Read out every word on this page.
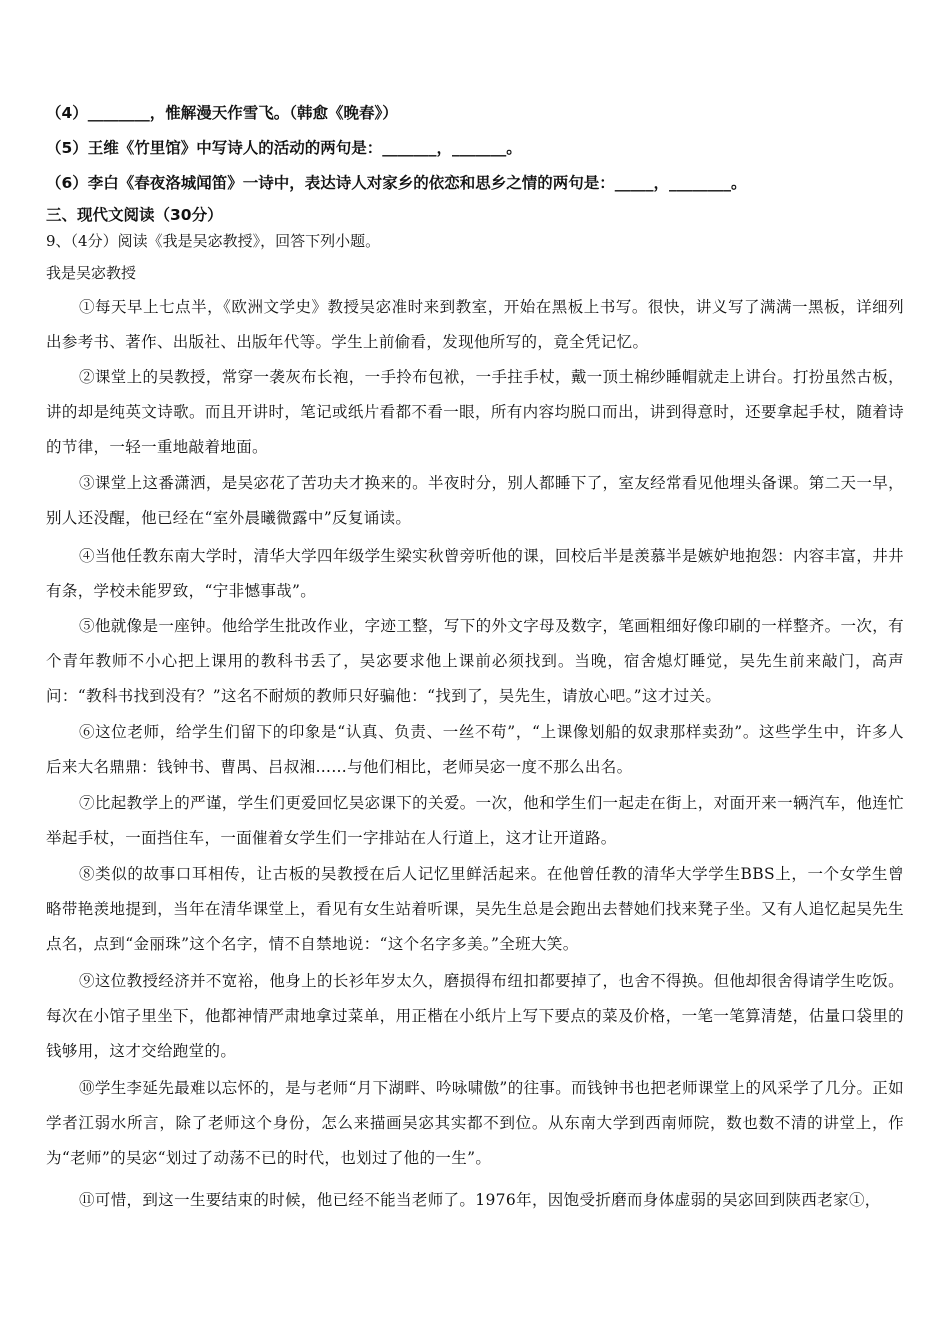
（4）________，惟解漫天作雪飞。（韩愈《晚春》）
（5）王维《竹里馆》中写诗人的活动的两句是：_______，_______。
（6）李白《春夜洛城闻笛》一诗中，表达诗人对家乡的依恋和思乡之情的两句是：_____，________。
三、现代文阅读（30分）
9、（4分）阅读《我是吴宓教授》，回答下列小题。
我是吴宓教授
①每天早上七点半，《欧洲文学史》教授吴宓准时来到教室，开始在黑板上书写。很快，讲义写了满满一黑板，详细列出参考书、著作、出版社、出版年代等。学生上前偷看，发现他所写的，竟全凭记忆。
②课堂上的吴教授，常穿一袭灰布长袍，一手拎布包袱，一手拄手杖，戴一顶土棉纱睡帽就走上讲台。打扮虽然古板，讲的却是纯英文诗歌。而且开讲时，笔记或纸片看都不看一眼，所有内容均脱口而出，讲到得意时，还要拿起手杖，随着诗的节律，一轻一重地敲着地面。
③课堂上这番潇洒，是吴宓花了苦功夫才换来的。半夜时分，别人都睡下了，室友经常看见他埋头备课。第二天一早，别人还没醒，他已经在“室外晨曦微露中”反复诵读。
④当他任教东南大学时，清华大学四年级学生梁实秋曾旁听他的课，回校后半是羡慕半是嫉妒地抱怨：内容丰富，井井有条，学校未能罗致，“宁非憾事哉”。
⑤他就像是一座钟。他给学生批改作业，字迹工整，写下的外文字母及数字，笔画粗细好像印刷的一样整齐。一次，有个青年教师不小心把上课用的教科书丢了，吴宓要求他上课前必须找到。当晚，宿舍熄灯睡觉，吴先生前来敲门，高声问：“教科书找到没有？”这名不耐烦的教师只好骗他：“找到了，吴先生，请放心吧。”这才过关。
⑥这位老师，给学生们留下的印象是“认真、负责、一丝不苟”，“上课像划船的奴隶那样卖劲”。这些学生中，许多人后来大名鼎鼎：钱钟书、曹禺、吕叔湘……与他们相比，老师吴宓一度不那么出名。
⑦比起教学上的严谨，学生们更爱回忆吴宓课下的关爱。一次，他和学生们一起走在街上，对面开来一辆汽车，他连忙举起手杖，一面挡住车，一面催着女学生们一字排站在人行道上，这才让开道路。
⑧类似的故事口耳相传，让古板的吴教授在后人记忆里鲜活起来。在他曾任教的清华大学学生BBS上，一个女学生曾略带艳羡地提到，当年在清华课堂上，看见有女生站着听课，吴先生总是会跑出去替她们找来凳子坐。又有人追忆起吴先生点名，点到“金丽珠”这个名字，情不自禁地说：“这个名字多美。”全班大笑。
⑨这位教授经济并不宽裕，他身上的长衫年岁太久，磨损得布纽扣都要掉了，也舍不得换。但他却很舍得请学生吃饭。每次在小馆子里坐下，他都神情严肃地拿过菜单，用正楷在小纸片上写下要点的菜及价格，一笔一笔算清楚，估量口袋里的钱够用，这才交给跑堂的。
⑩学生李延先最难以忘怀的，是与老师“月下湖畔、吟咏啸傲”的往事。而钱钟书也把老师课堂上的风采学了几分。正如学者江弱水所言，除了老师这个身份，怎么来描画吴宓其实都不到位。从东南大学到西南师院，数也数不清的讲堂上，作为“老师”的吴宓“划过了动荡不已的时代，也划过了他的一生”。
⑪可惜，到这一生要结束的时候，他已经不能当老师了。1976年，因饱受折磨而身体虚弱的吴宓回到陕西老家①，
